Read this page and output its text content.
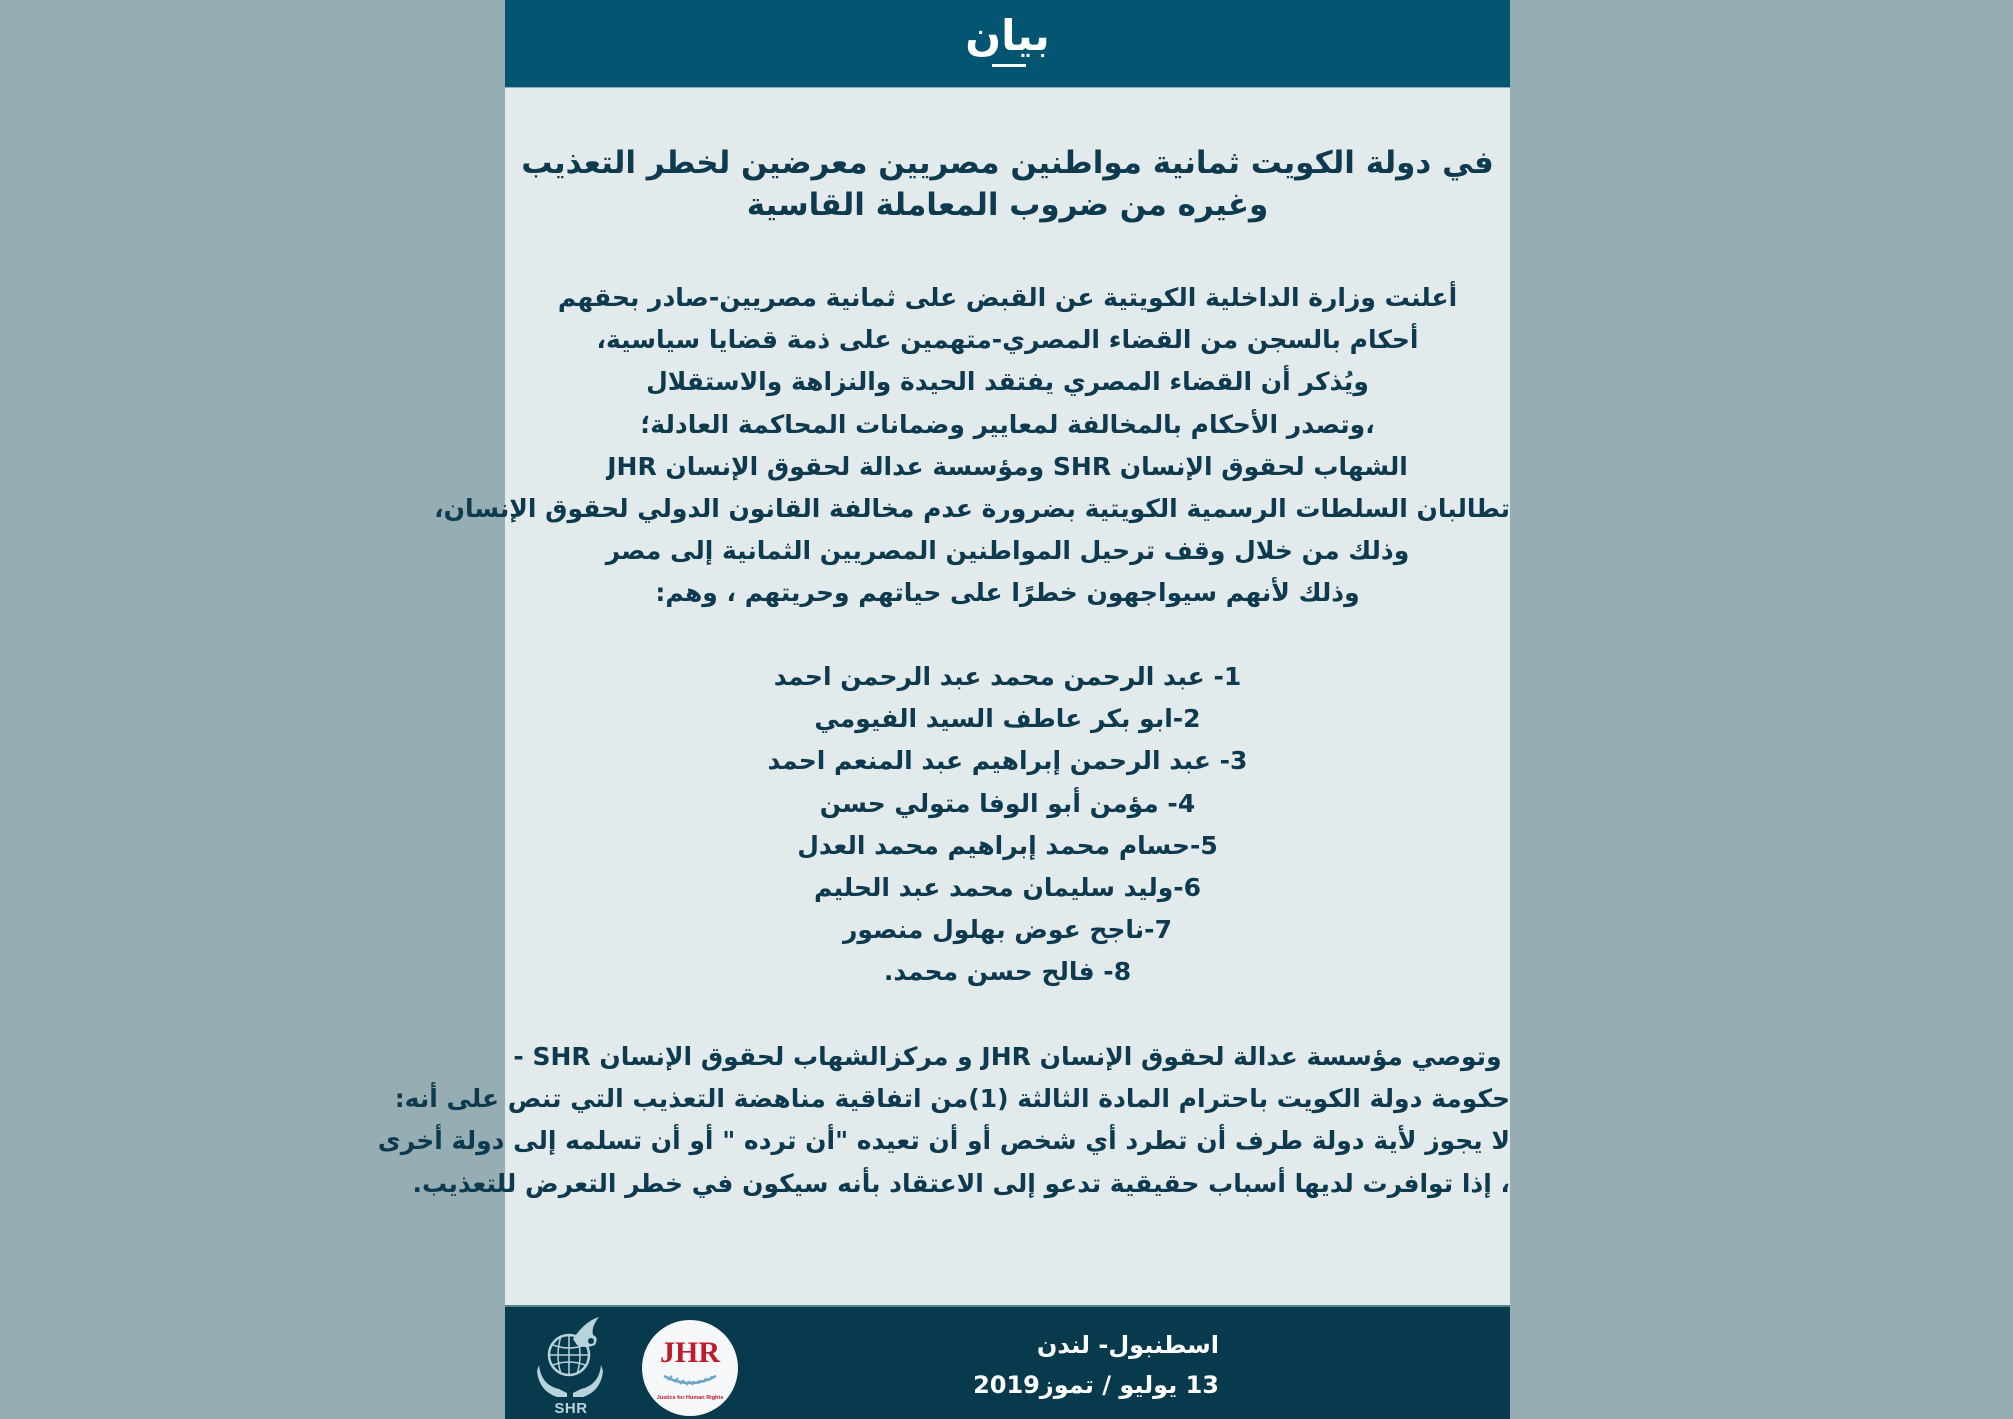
بيان
في دولة الكويت ثمانية مواطنين مصريين معرضين لخطر التعذيب
وغيره من ضروب المعاملة القاسية
أعلنت وزارة الداخلية الكويتية عن القبض على ثمانية مصريين-صادر بحقهم
أحكام بالسجن من القضاء المصري-متهمين على ذمة قضايا سياسية،
ويُذكر أن القضاء المصري يفتقد الحيدة والنزاهة والاستقلال
،وتصدر الأحكام بالمخالفة لمعايير وضمانات المحاكمة العادلة؛
الشهاب لحقوق الإنسان SHR ومؤسسة عدالة لحقوق الإنسان JHR
تطالبان السلطات الرسمية الكويتية بضرورة عدم مخالفة القانون الدولي لحقوق الإنسان،
وذلك من خلال وقف ترحيل المواطنين المصريين الثمانية إلى مصر
وذلك لأنهم سيواجهون خطرًا على حياتهم وحريتهم ، وهم:
1- عبد الرحمن محمد عبد الرحمن احمد
2-ابو بكر عاطف السيد الفيومي
3- عبد الرحمن إبراهيم عبد المنعم احمد
4- مؤمن أبو الوفا متولي حسن
5-حسام محمد إبراهيم محمد العدل
6-وليد سليمان محمد عبد الحليم
7-ناجح عوض بهلول منصور
8- فالح حسن محمد.
وتوصي مؤسسة عدالة لحقوق الإنسان JHR و مركزالشهاب لحقوق الإنسان SHR -
حكومة دولة الكويت باحترام المادة الثالثة (1)من اتفاقية مناهضة التعذيب التي تنص على أنه:
لا يجوز لأية دولة طرف أن تطرد أي شخص أو أن تعيده "أن ترده " أو أن تسلمه إلى دولة أخرى
، إذا توافرت لديها أسباب حقيقية تدعو إلى الاعتقاد بأنه سيكون في خطر التعرض للتعذيب.
SHR
JHR
Justice for Human Rights
اسطنبول- لندن
13 يوليو / تموز2019
